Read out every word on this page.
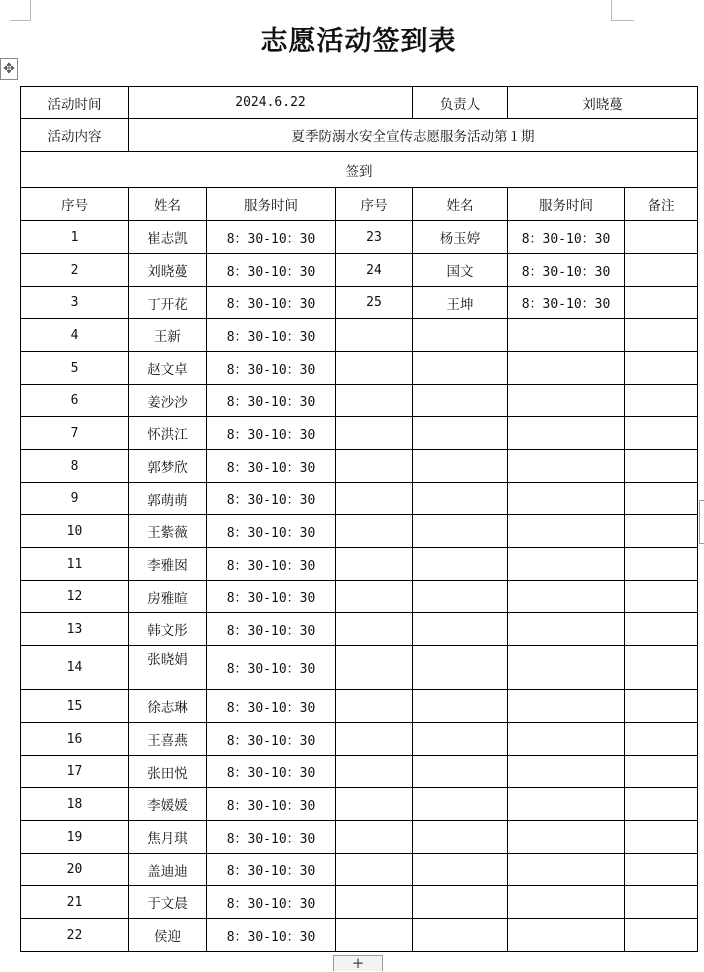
✥
志愿活动签到表
活动时间	2024.6.22			负责人	刘晓蔓	
活动内容	夏季防溺水安全宣传志愿服务活动第１期					
签到						
序号	姓名	服务时间	序号	姓名	服务时间	备注
1	崔志凯	8：30-10：30	23	杨玉婷	8：30-10：30	
2	刘晓蔓	8：30-10：30	24	国文	8：30-10：30	
3	丁开花	8：30-10：30	25	王坤	8：30-10：30	
4	王新	8：30-10：30				
5	赵文卓	8：30-10：30				
6	姜沙沙	8：30-10：30				
7	怀洪江	8：30-10：30				
8	郭梦欣	8：30-10：30				
9	郭萌萌	8：30-10：30				
10	王紫薇	8：30-10：30				
11	李雅囡	8：30-10：30				
12	房雅暄	8：30-10：30				
13	韩文彤	8：30-10：30				
14	张晓娟	8：30-10：30				
15	徐志琳	8：30-10：30				
16	王喜燕	8：30-10：30				
17	张田悦	8：30-10：30				
18	李媛媛	8：30-10：30				
19	焦月琪	8：30-10：30				
20	盖迪迪	8：30-10：30				
21	于文晨	8：30-10：30				
22	侯迎	8：30-10：30				
+
